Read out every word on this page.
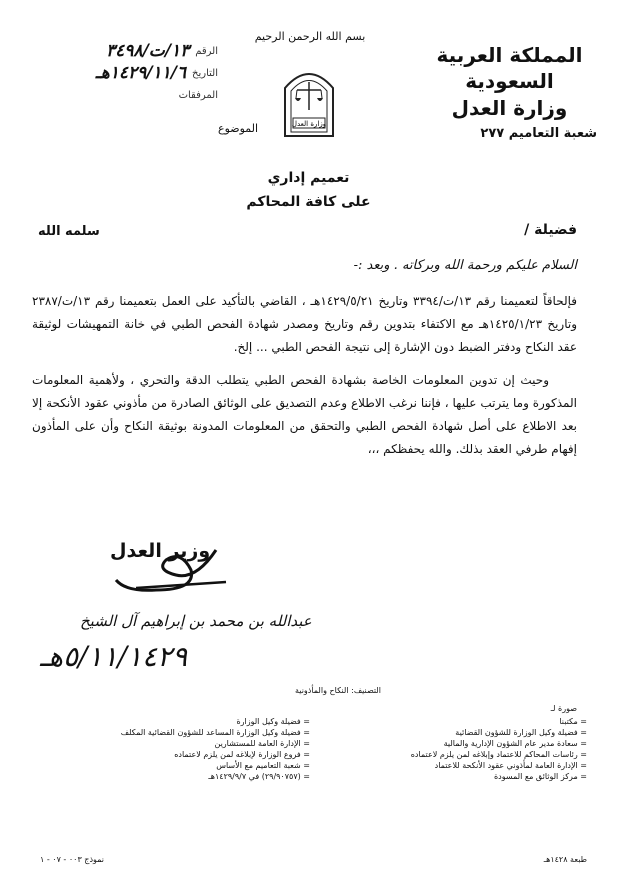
بسم الله الرحمن الرحيم
المملكة العربية السعودية
وزارة العدل
شعبة التعاميم ٢٧٧
وزارة العدل
الرقم
١٣/ت/٣٤٩٨
التاريخ
١٤٢٩/١١/٦هـ
المرفقات
الموضوع
تعميم إداري
على كافة المحاكم
فضيلة /
سلمه الله
السلام عليكم ورحمة الله وبركاته . وبعد :-

فإلحاقاً لتعميمنا رقم ١٣/ت/٣٣٩٤ وتاريخ ١٤٢٩/٥/٢١هـ ، القاضي بالتأكيد على العمل بتعميمنا رقم ١٣/ت/٢٣٨٧ وتاريخ ١٤٢٥/١/٢٣هـ مع الاكتفاء بتدوين رقم وتاريخ ومصدر شهادة الفحص الطبي في خانة التمهيشات لوثيقة عقد النكاح ودفتر الضبط دون الإشارة إلى نتيجة الفحص الطبي ... إلخ.

وحيث إن تدوين المعلومات الخاصة بشهادة الفحص الطبي يتطلب الدقة والتحري ، ولأهمية المعلومات المذكورة وما يترتب عليها ، فإننا نرغب الاطلاع وعدم التصديق على الوثائق الصادرة من مأذوني عقود الأنكحة إلا بعد الاطلاع على أصل شهادة الفحص الطبي والتحقق من المعلومات المدونة بوثيقة النكاح وأن على المأذون إفهام طرفي العقد بذلك. والله يحفظكم ،،،

وزير العدل
عبدالله بن محمد بن إبراهيم آل الشيخ
٥/١١/١٤٢٩هـ
التصنيف: النكاح والمأذونية
صورة لـ
= مكتبنا
= فضيلة وكيل الوزارة للشؤون القضائية
= سعادة مدير عام الشؤون الإدارية والمالية
= رئاسات المحاكم للاعتماد وإبلاغه لمن يلزم لاعتماده
= الإدارة العامة لمأذوني عقود الأنكحة للاعتماد
= مركز الوثائق مع المسودة
= فضيلة وكيل الوزارة
= فضيلة وكيل الوزارة المساعد للشؤون القضائية المكلف
= الإدارة العامة للمستشارين
= فروع الوزارة لإبلاغه لمن يلزم لاعتماده
= شعبة التعاميم مع الأساس
= (٢٩/٩٠٧٥٧) في ١٤٢٩/٩/٧هـ
نموذج ٠٠٣ - ٠٧ - ١	طبعة ١٤٢٨هـ
